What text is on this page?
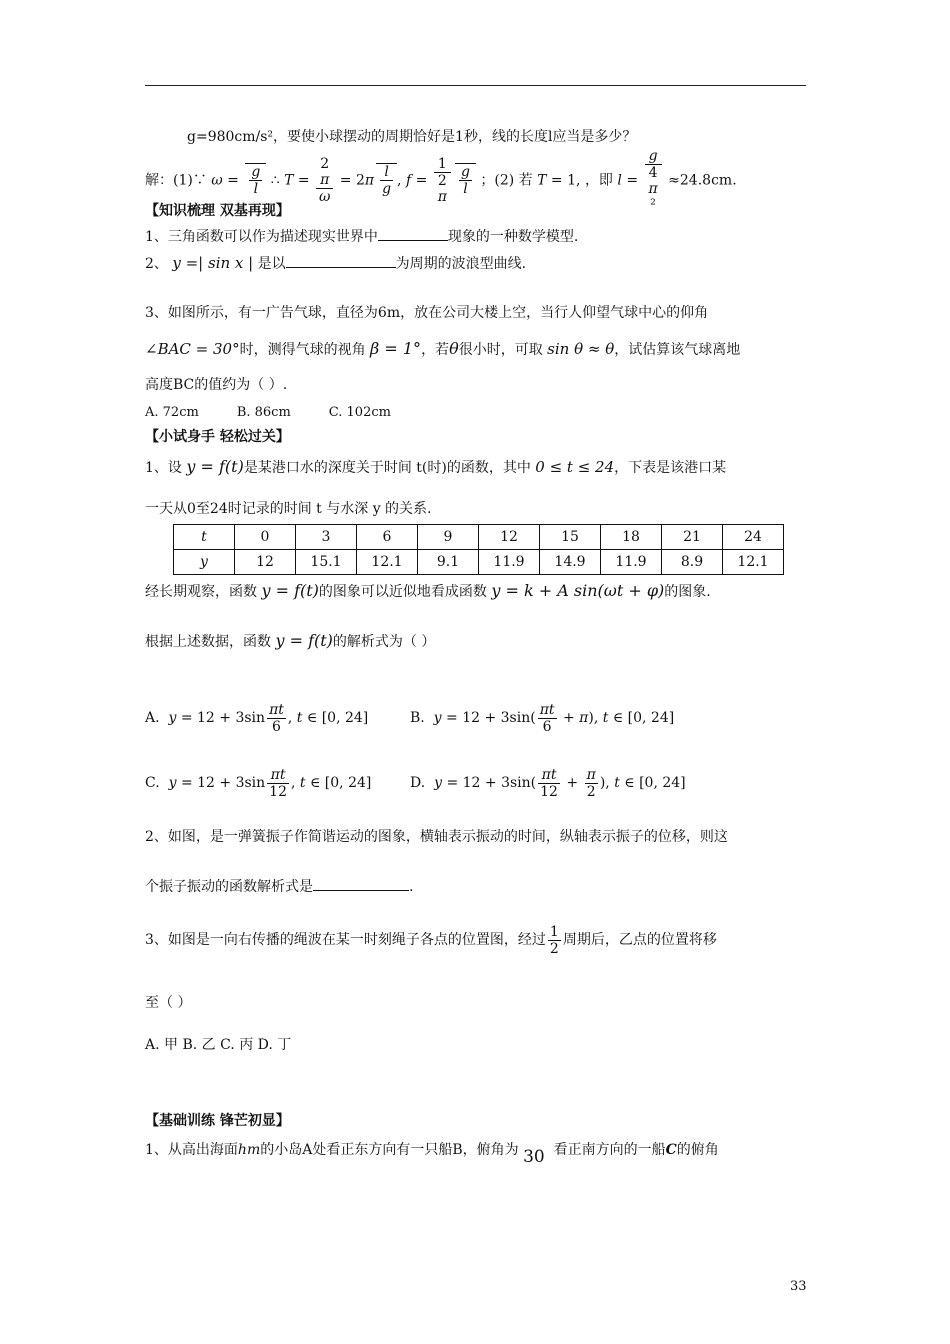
g=980cm/s²，要使小球摆动的周期恰好是1秒，线的长度l应当是多少？
解：(1)∵ $\omega = \frac{g}{l}$ ∴ T = 2
π
$\omega = 2\pi \frac{l}{g}$ , f = 1
2
π $\frac{g}{l}$ ；(2) 若 T = 1, ，即 l = g
4
π
² ≈24.8cm.
【知识梳理 双基再现】
1、三角函数可以作为描述现实世界中	现象的一种数学模型.
2、 y =| sin x | 是以	为周期的波浪型曲线.
3、如图所示，有一广告气球，直径为6m，放在公司大楼上空，当行人仰望气球中心的仰角
∠BAC = 30°时，测得气球的视角 β = 1°，若θ很小时，可取 sin θ ≈ θ，试估算该气球离地
高度BC的值约为（ ）.
A. 72cm	B. 86cm	C. 102cm
【小试身手 轻松过关】
1、设 y = f(t)是某港口水的深度关于时间 t(时)的函数，其中 0 ≤ t ≤ 24，下表是该港口某
一天从0至24时记录的时间 t 与水深 y 的关系.
t	0	3	6	9	12	15	18	21	24
y	12	15.1	12.1	9.1	11.9	14.9	11.9	8.9	12.1
经长期观察，函数 y = f(t)的图象可以近似地看成函数 y = k + A sin(ωt + φ)的图象.
根据上述数据，函数 y = f(t)的解析式为（ ）
A. $y = 12 + 3\sin \frac{\pi t}{6}$ , t ∈ [0, 24]	B. $y = 12 + 3\sin( \frac{\pi t}{6} + \pi)$, t ∈ [0, 24]
C. $y = 12 + 3\sin \frac{\pi t}{12}$ , t ∈ [0, 24]	D. $y = 12 + 3\sin( \frac{\pi t}{12} + \frac{\pi}{2}$ ), t ∈ [0, 24]
2、如图，是一弹簧振子作简谐运动的图象，横轴表示振动的时间，纵轴表示振子的位移，则这
个振子振动的函数解析式是	.
3、如图是一向右传播的绳波在某一时刻绳子各点的位置图，经过 $\frac{1}{2}$ 周期后，乙点的位置将移
至（ ）
A. 甲 B. 乙 C. 丙 D. 丁
【基础训练 锋芒初显】
1、从高出海面hm的小岛A处看正东方向有一只船B，俯角为 30 看正南方向的一船C的俯角
33
